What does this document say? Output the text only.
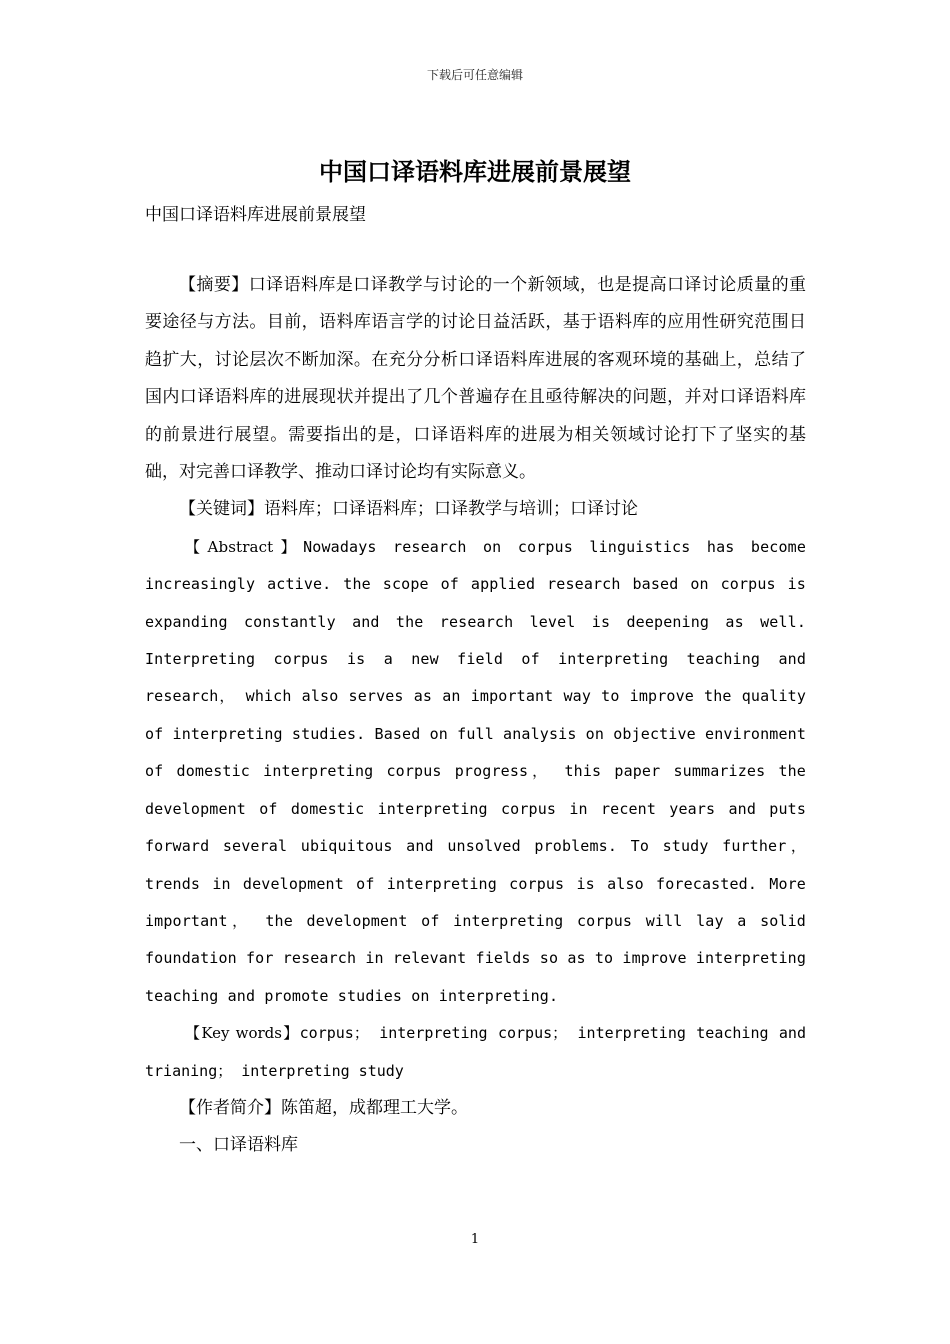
下载后可任意编辑
中国口译语料库进展前景展望
中国口译语料库进展前景展望

【摘要】口译语料库是口译教学与讨论的一个新领域，也是提高口译讨论质量的重要途径与方法。目前，语料库语言学的讨论日益活跃，基于语料库的应用性研究范围日趋扩大，讨论层次不断加深。在充分分析口译语料库进展的客观环境的基础上，总结了国内口译语料库的进展现状并提出了几个普遍存在且亟待解决的问题，并对口译语料库的前景进行展望。需要指出的是，口译语料库的进展为相关领域讨论打下了坚实的基础，对完善口译教学、推动口译讨论均有实际意义。

【关键词】语料库；口译语料库；口译教学与培训；口译讨论

【Abstract】Nowadays research on corpus linguistics has become increasingly active. the scope of applied research based on corpus is expanding constantly and the research level is deepening as well. Interpreting corpus is a new field of interpreting teaching and research， which also serves as an important way to improve the quality of interpreting studies. Based on full analysis on objective environment of domestic interpreting corpus progress， this paper summarizes the development of domestic interpreting corpus in recent years and puts forward several ubiquitous and unsolved problems. To study further， trends in development of interpreting corpus is also forecasted. More important， the development of interpreting corpus will lay a solid foundation for research in relevant fields so as to improve interpreting teaching and promote studies on interpreting.

【Key words】corpus； interpreting corpus； interpreting teaching and trianing； interpreting study

【作者简介】陈笛超，成都理工大学。

一、口译语料库

1
